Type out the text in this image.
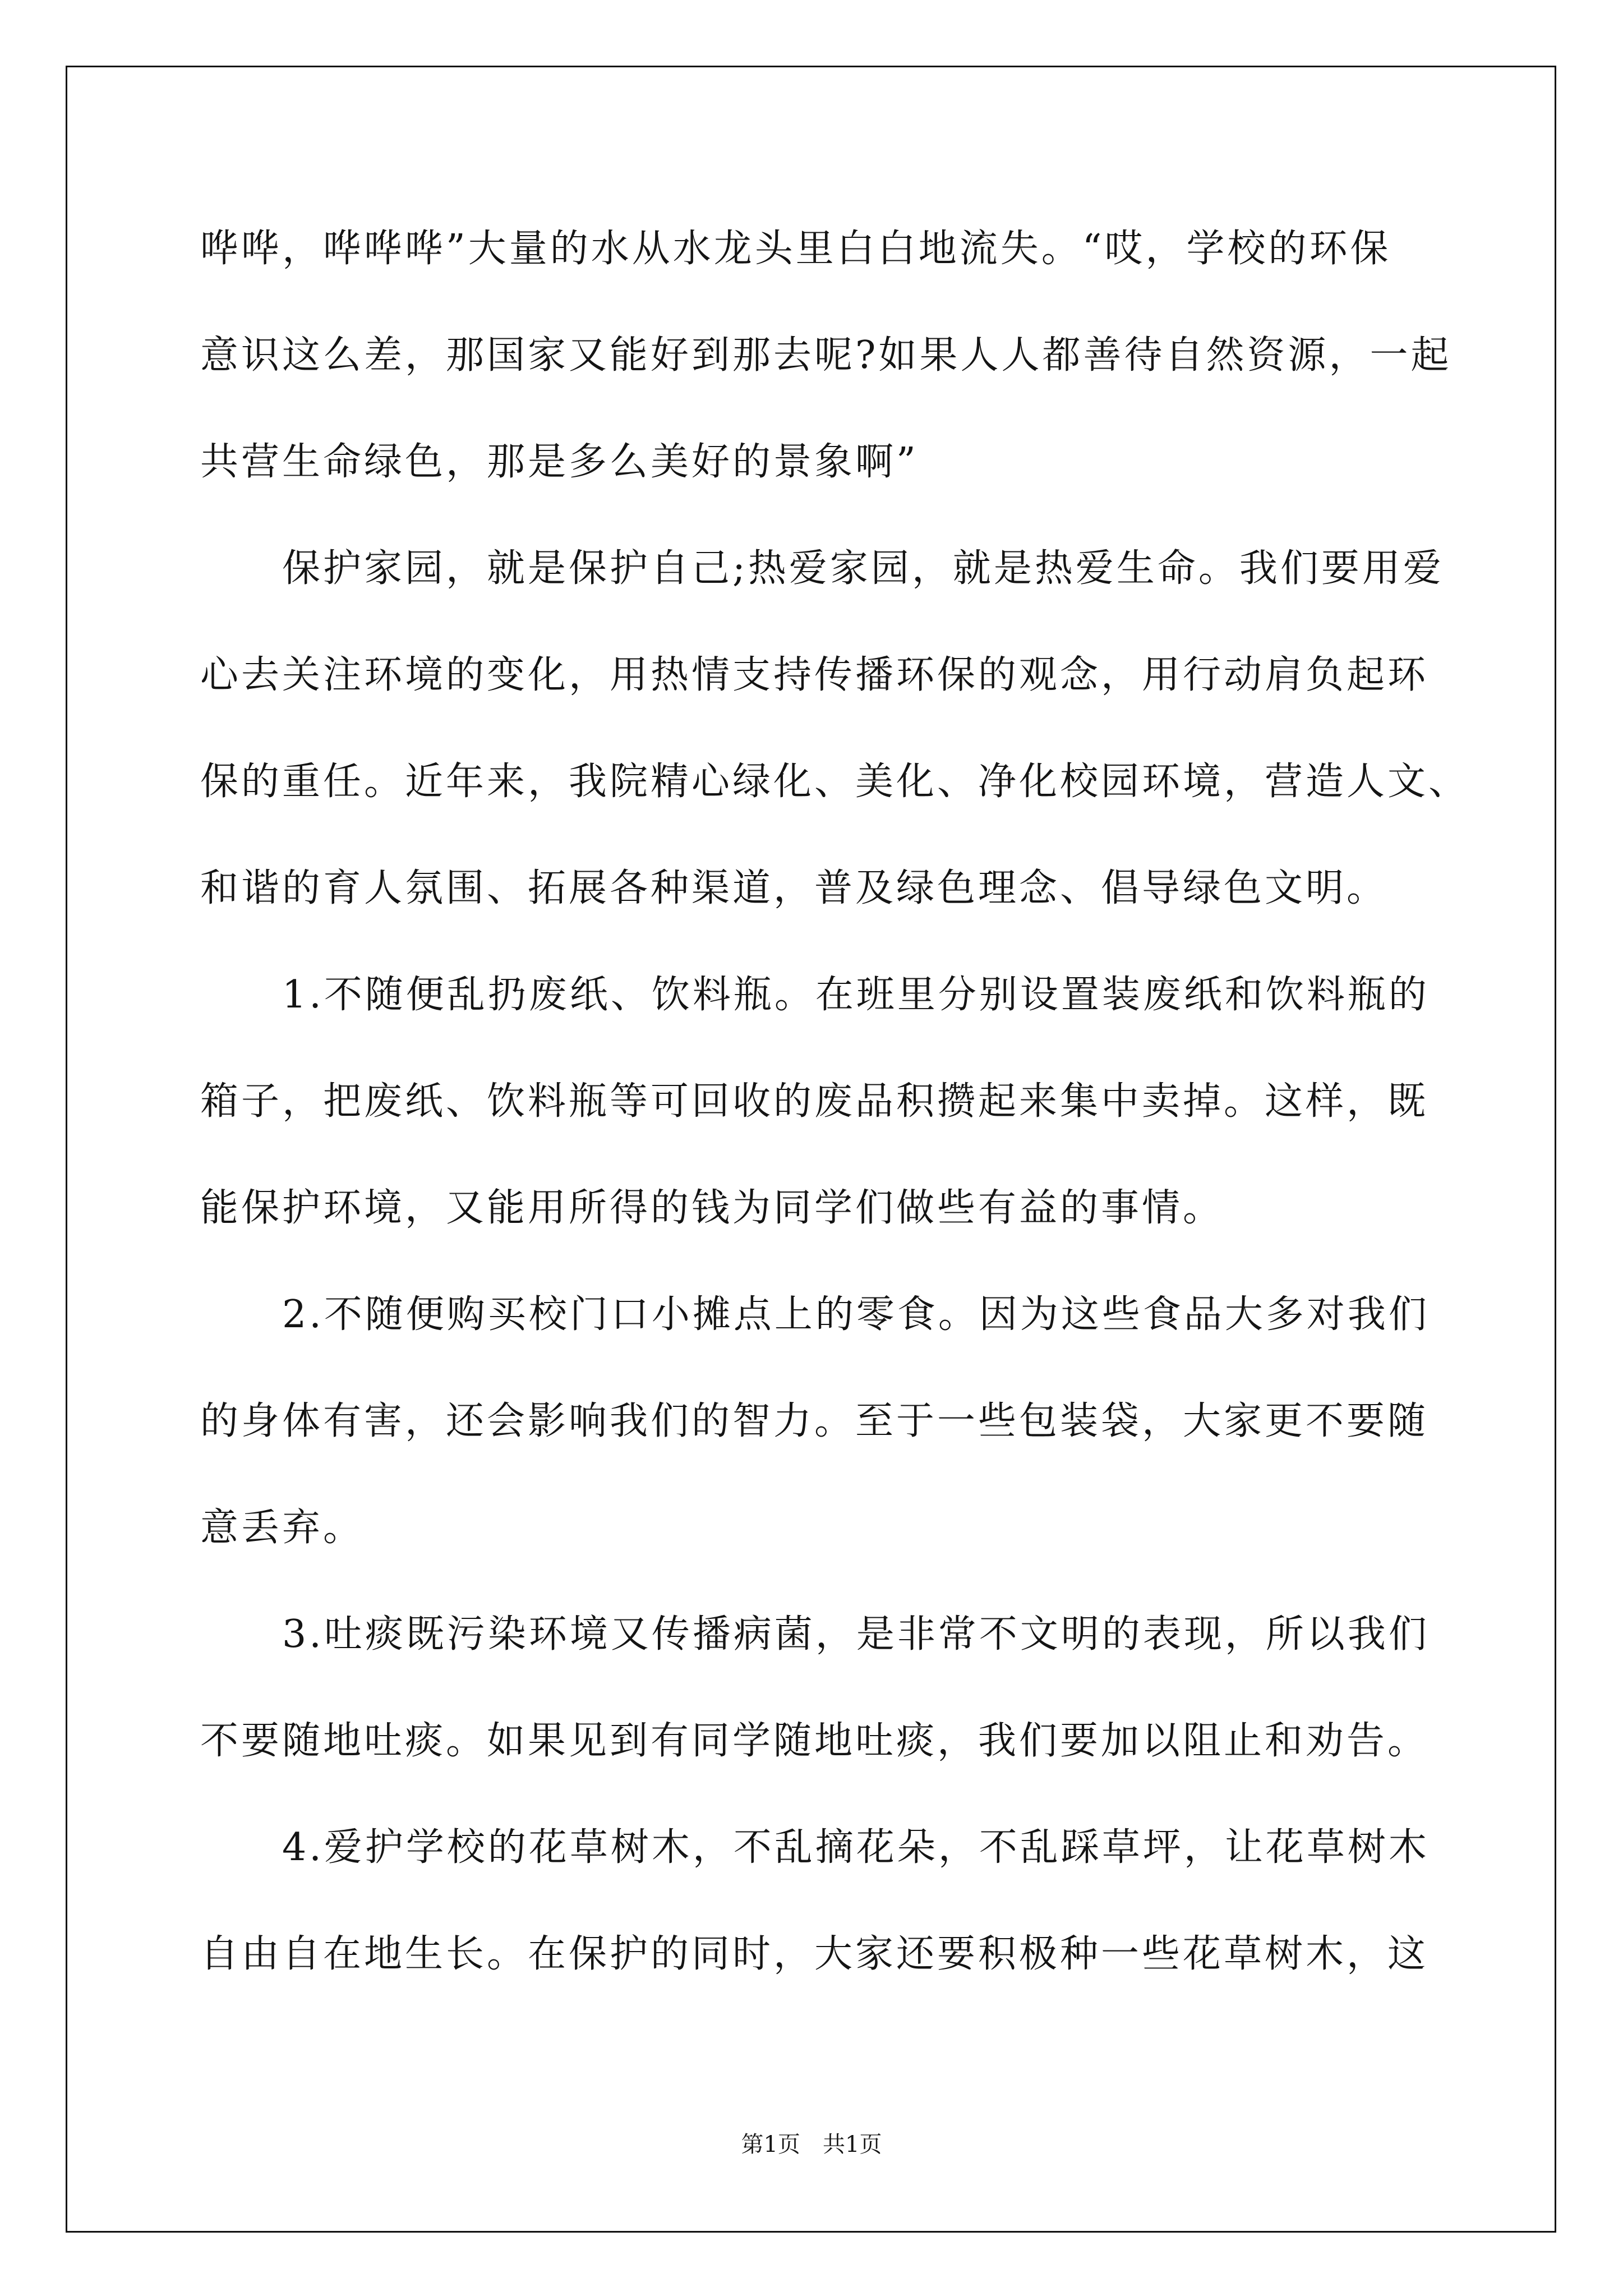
哗哗，哗哗哗”大量的水从水龙头里白白地流失。“哎，学校的环保
意识这么差，那国家又能好到那去呢?如果人人都善待自然资源，一起
共营生命绿色，那是多么美好的景象啊”
保护家园，就是保护自己;热爱家园，就是热爱生命。我们要用爱
心去关注环境的变化，用热情支持传播环保的观念，用行动肩负起环
保的重任。近年来，我院精心绿化、美化、净化校园环境，营造人文、
和谐的育人氛围、拓展各种渠道，普及绿色理念、倡导绿色文明。
1.不随便乱扔废纸、饮料瓶。在班里分别设置装废纸和饮料瓶的
箱子，把废纸、饮料瓶等可回收的废品积攒起来集中卖掉。这样，既
能保护环境，又能用所得的钱为同学们做些有益的事情。
2.不随便购买校门口小摊点上的零食。因为这些食品大多对我们
的身体有害，还会影响我们的智力。至于一些包装袋，大家更不要随
意丢弃。
3.吐痰既污染环境又传播病菌，是非常不文明的表现，所以我们
不要随地吐痰。如果见到有同学随地吐痰，我们要加以阻止和劝告。
4.爱护学校的花草树木，不乱摘花朵，不乱踩草坪，让花草树木
自由自在地生长。在保护的同时，大家还要积极种一些花草树木，这
第1页　共1页
